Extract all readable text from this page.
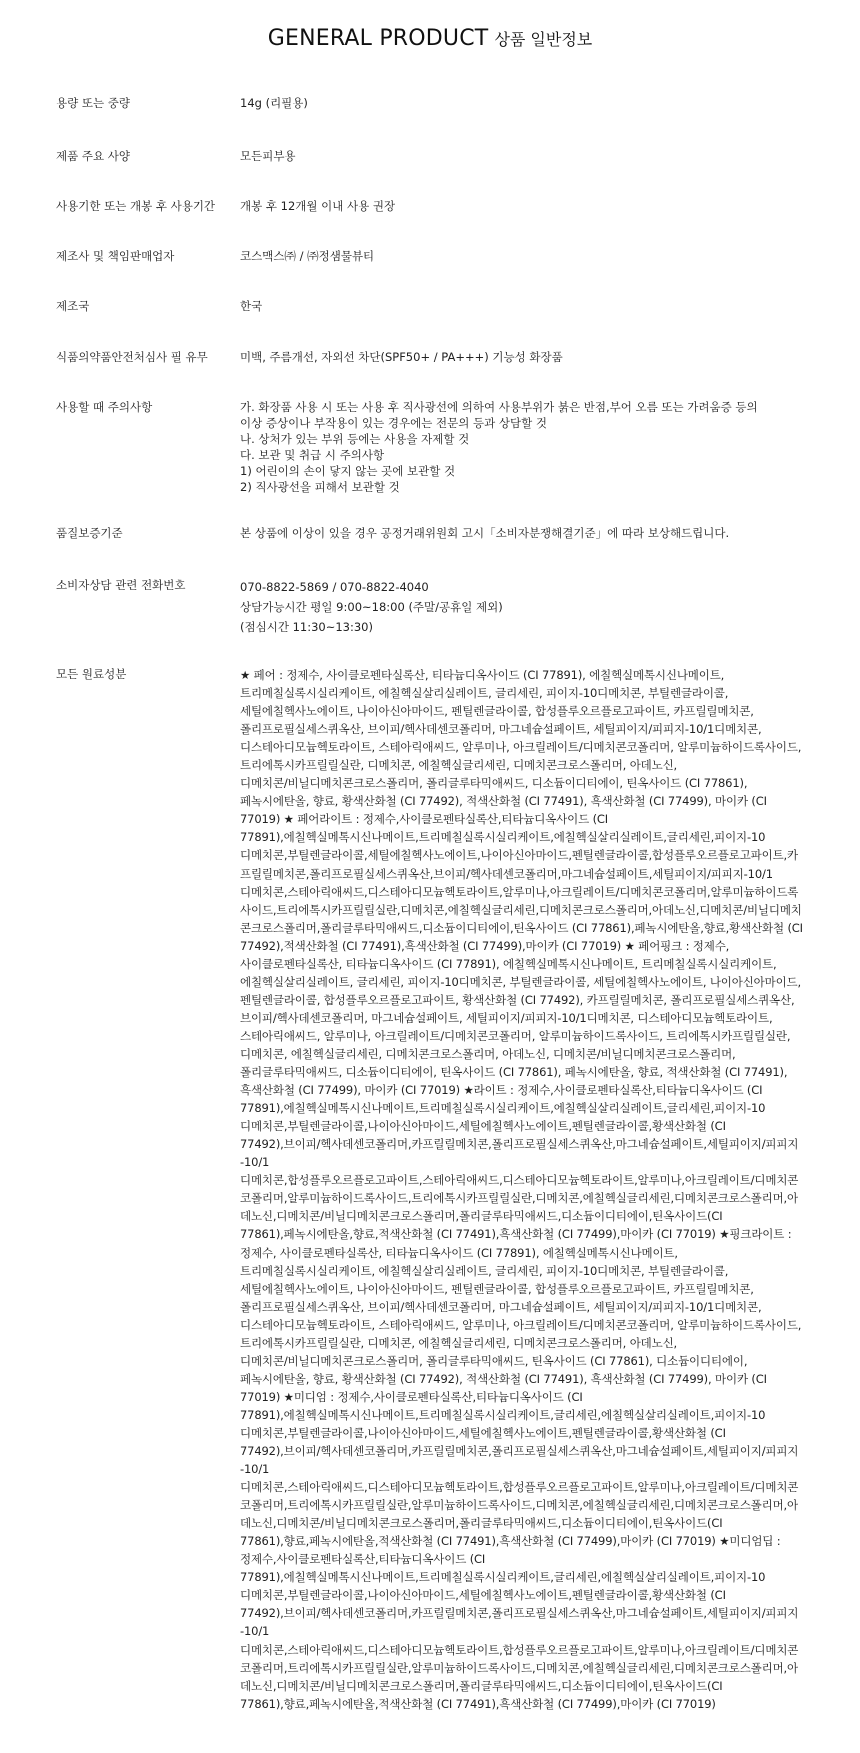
GENERAL PRODUCT 상품 일반정보
용량 또는 중량	14g (리필용)
제품 주요 사양	모든피부용
사용기한 또는 개봉 후 사용기간	개봉 후 12개월 이내 사용 권장
제조사 및 책임판매업자	코스맥스㈜ / ㈜정샘물뷰티
제조국	한국
식품의약품안전처심사 필 유무	미백, 주름개선, 자외선 차단(SPF50+ / PA+++) 기능성 화장품
사용할 때 주의사항	가. 화장품 사용 시 또는 사용 후 직사광선에 의하여 사용부위가 붉은 반점,부어 오름 또는 가려움증 등의
이상 증상이나 부작용이 있는 경우에는 전문의 등과 상담할 것
나. 상처가 있는 부위 등에는 사용을 자제할 것
다. 보관 및 취급 시 주의사항
1) 어린이의 손이 닿지 않는 곳에 보관할 것
2) 직사광선을 피해서 보관할 것
품질보증기준	본 상품에 이상이 있을 경우 공정거래위원회 고시「소비자분쟁해결기준」에 따라 보상해드립니다.
소비자상담 관련 전화번호	070-8822-5869 / 070-8822-4040
상담가능시간 평일 9:00~18:00 (주말/공휴일 제외)
(점심시간 11:30~13:30)
모든 원료성분	★ 페어 : 정제수, 사이클로펜타실록산, 티타늄디옥사이드 (CI 77891), 에칠헥실메톡시신나메이트,
트리메칠실록시실리케이트, 에칠헥실살리실레이트, 글리세린, 피이지-10디메치콘, 부틸렌글라이콜,
세틸에칠헥사노에이트, 나이아신아마이드, 펜틸렌글라이콜, 합성플루오르플로고파이트, 카프릴릴메치콘,
폴리프로필실세스퀴옥산, 브이피/헥사데센코폴리머, 마그네슘설페이트, 세틸피이지/피피지-10/1디메치콘,
디스테아디모늄헥토라이트, 스테아릭애씨드, 알루미나, 아크릴레이트/디메치콘코폴리머, 알루미늄하이드록사이드,
트리에톡시카프릴릴실란, 디메치콘, 에칠헥실글리세린, 디메치콘크로스폴리머, 아데노신,
디메치콘/비닐디메치콘크로스폴리머, 폴리글루타믹애씨드, 디소듐이디티에이, 틴옥사이드 (CI 77861),
페녹시에탄올, 향료, 황색산화철 (CI 77492), 적색산화철 (CI 77491), 흑색산화철 (CI 77499), 마이카 (CI
77019) ★ 페어라이트 : 정제수,사이클로펜타실록산,티타늄디옥사이드 (CI
77891),에칠헥실메톡시신나메이트,트리메칠실록시실리케이트,에칠헥실살리실레이트,글리세린,피이지-10
디메치콘,부틸렌글라이콜,세틸에칠헥사노에이트,나이아신아마이드,펜틸렌글라이콜,합성플루오르플로고파이트,카
프릴릴메치콘,폴리프로필실세스퀴옥산,브이피/헥사데센코폴리머,마그네슘설페이트,세틸피이지/피피지-10/1
디메치콘,스테아릭애씨드,디스테아디모늄헥토라이트,알루미나,아크릴레이트/디메치콘코폴리머,알루미늄하이드록
사이드,트리에톡시카프릴릴실란,디메치콘,에칠헥실글리세린,디메치콘크로스폴리머,아데노신,디메치콘/비닐디메치
콘크로스폴리머,폴리글루타믹애씨드,디소듐이디티에이,틴옥사이드 (CI 77861),페녹시에탄올,향료,황색산화철 (CI
77492),적색산화철 (CI 77491),흑색산화철 (CI 77499),마이카 (CI 77019) ★ 페어핑크 : 정제수,
사이클로펜타실록산, 티타늄디옥사이드 (CI 77891), 에칠헥실메톡시신나메이트, 트리메칠실록시실리케이트,
에칠헥실살리실레이트, 글리세린, 피이지-10디메치콘, 부틸렌글라이콜, 세틸에칠헥사노에이트, 나이아신아마이드,
펜틸렌글라이콜, 합성플루오르플로고파이트, 황색산화철 (CI 77492), 카프릴릴메치콘, 폴리프로필실세스퀴옥산,
브이피/헥사데센코폴리머, 마그네슘설페이트, 세틸피이지/피피지-10/1디메치콘, 디스테아디모늄헥토라이트,
스테아릭애씨드, 알루미나, 아크릴레이트/디메치콘코폴리머, 알루미늄하이드록사이드, 트리에톡시카프릴릴실란,
디메치콘, 에칠헥실글리세린, 디메치콘크로스폴리머, 아데노신, 디메치콘/비닐디메치콘크로스폴리머,
폴리글루타믹애씨드, 디소듐이디티에이, 틴옥사이드 (CI 77861), 페녹시에탄올, 향료, 적색산화철 (CI 77491),
흑색산화철 (CI 77499), 마이카 (CI 77019) ★라이트 : 정제수,사이클로펜타실록산,티타늄디옥사이드 (CI
77891),에칠헥실메톡시신나메이트,트리메칠실록시실리케이트,에칠헥실살리실레이트,글리세린,피이지-10
디메치콘,부틸렌글라이콜,나이아신아마이드,세틸에칠헥사노에이트,펜틸렌글라이콜,황색산화철 (CI
77492),브이피/헥사데센코폴리머,카프릴릴메치콘,폴리프로필실세스퀴옥산,마그네슘설페이트,세틸피이지/피피지
-10/1
디메치콘,합성플루오르플로고파이트,스테아릭애씨드,디스테아디모늄헥토라이트,알루미나,아크릴레이트/디메치콘
코폴리머,알루미늄하이드록사이드,트리에톡시카프릴릴실란,디메치콘,에칠헥실글리세린,디메치콘크로스폴리머,아
데노신,디메치콘/비닐디메치콘크로스폴리머,폴리글루타믹애씨드,디소듐이디티에이,틴옥사이드(CI
77861),페녹시에탄올,향료,적색산화철 (CI 77491),흑색산화철 (CI 77499),마이카 (CI 77019) ★핑크라이트 :
정제수, 사이클로펜타실록산, 티타늄디옥사이드 (CI 77891), 에칠헥실메톡시신나메이트,
트리메칠실록시실리케이트, 에칠헥실살리실레이트, 글리세린, 피이지-10디메치콘, 부틸렌글라이콜,
세틸에칠헥사노에이트, 나이아신아마이드, 펜틸렌글라이콜, 합성플루오르플로고파이트, 카프릴릴메치콘,
폴리프로필실세스퀴옥산, 브이피/헥사데센코폴리머, 마그네슘설페이트, 세틸피이지/피피지-10/1디메치콘,
디스테아디모늄헥토라이트, 스테아릭애씨드, 알루미나, 아크릴레이트/디메치콘코폴리머, 알루미늄하이드록사이드,
트리에톡시카프릴릴실란, 디메치콘, 에칠헥실글리세린, 디메치콘크로스폴리머, 아데노신,
디메치콘/비닐디메치콘크로스폴리머, 폴리글루타믹애씨드, 틴옥사이드 (CI 77861), 디소듐이디티에이,
페녹시에탄올, 향료, 황색산화철 (CI 77492), 적색산화철 (CI 77491), 흑색산화철 (CI 77499), 마이카 (CI
77019) ★미디엄 : 정제수,사이클로펜타실록산,티타늄디옥사이드 (CI
77891),에칠헥실메톡시신나메이트,트리메칠실록시실리케이트,글리세린,에칠헥실살리실레이트,피이지-10
디메치콘,부틸렌글라이콜,나이아신아마이드,세틸에칠헥사노에이트,펜틸렌글라이콜,황색산화철 (CI
77492),브이피/헥사데센코폴리머,카프릴릴메치콘,폴리프로필실세스퀴옥산,마그네슘설페이트,세틸피이지/피피지
-10/1
디메치콘,스테아릭애씨드,디스테아디모늄헥토라이트,합성플루오르플로고파이트,알루미나,아크릴레이트/디메치콘
코폴리머,트리에톡시카프릴릴실란,알루미늄하이드록사이드,디메치콘,에칠헥실글리세린,디메치콘크로스폴리머,아
데노신,디메치콘/비닐디메치콘크로스폴리머,폴리글루타믹애씨드,디소듐이디티에이,틴옥사이드(CI
77861),향료,페녹시에탄올,적색산화철 (CI 77491),흑색산화철 (CI 77499),마이카 (CI 77019) ★미디엄딥 :
정제수,사이클로펜타실록산,티타늄디옥사이드 (CI
77891),에칠헥실메톡시신나메이트,트리메칠실록시실리케이트,글리세린,에칠헥실살리실레이트,피이지-10
디메치콘,부틸렌글라이콜,나이아신아마이드,세틸에칠헥사노에이트,펜틸렌글라이콜,황색산화철 (CI
77492),브이피/헥사데센코폴리머,카프릴릴메치콘,폴리프로필실세스퀴옥산,마그네슘설페이트,세틸피이지/피피지
-10/1
디메치콘,스테아릭애씨드,디스테아디모늄헥토라이트,합성플루오르플로고파이트,알루미나,아크릴레이트/디메치콘
코폴리머,트리에톡시카프릴릴실란,알루미늄하이드록사이드,디메치콘,에칠헥실글리세린,디메치콘크로스폴리머,아
데노신,디메치콘/비닐디메치콘크로스폴리머,폴리글루타믹애씨드,디소듐이디티에이,틴옥사이드(CI
77861),향료,페녹시에탄올,적색산화철 (CI 77491),흑색산화철 (CI 77499),마이카 (CI 77019)
